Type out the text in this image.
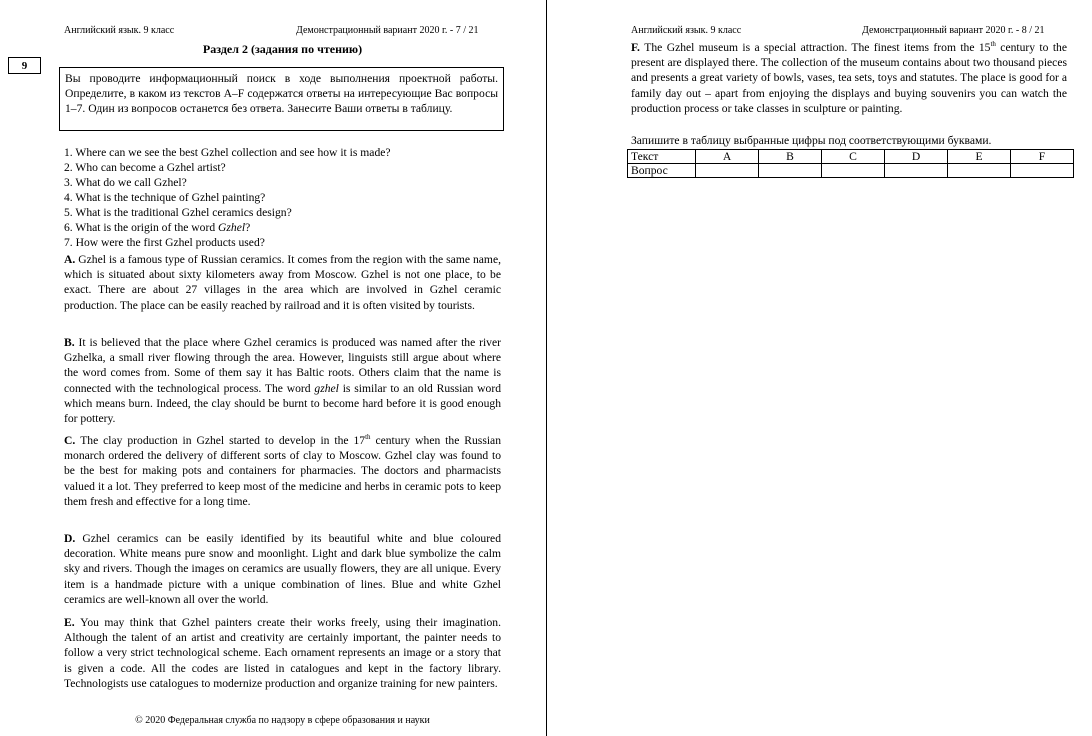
Английский язык. 9 класс	Демонстрационный вариант 2020 г. - 7 / 21
Раздел 2 (задания по чтению)
9
Вы проводите информационный поиск в ходе выполнения проектной работы. Определите, в каком из текстов A–F содержатся ответы на интересующие Вас вопросы 1–7. Один из вопросов останется без ответа. Занесите Ваши ответы в таблицу.
1. Where can we see the best Gzhel collection and see how it is made?
2. Who can become a Gzhel artist?
3. What do we call Gzhel?
4. What is the technique of Gzhel painting?
5. What is the traditional Gzhel ceramics design?
6. What is the origin of the word Gzhel?
7. How were the first Gzhel products used?
A. Gzhel is a famous type of Russian ceramics. It comes from the region with the same name, which is situated about sixty kilometers away from Moscow. Gzhel is not one place, to be exact. There are about 27 villages in the area which are involved in Gzhel ceramic production. The place can be easily reached by railroad and it is often visited by tourists.
B. It is believed that the place where Gzhel ceramics is produced was named after the river Gzhelka, a small river flowing through the area. However, linguists still argue about where the word comes from. Some of them say it has Baltic roots. Others claim that the name is connected with the technological process. The word gzhel is similar to an old Russian word which means burn. Indeed, the clay should be burnt to become hard before it is good enough for pottery.
C. The clay production in Gzhel started to develop in the 17th century when the Russian monarch ordered the delivery of different sorts of clay to Moscow. Gzhel clay was found to be the best for making pots and containers for pharmacies. The doctors and pharmacists valued it a lot. They preferred to keep most of the medicine and herbs in ceramic pots to keep them fresh and effective for a long time.
D. Gzhel ceramics can be easily identified by its beautiful white and blue coloured decoration. White means pure snow and moonlight. Light and dark blue symbolize the calm sky and rivers. Though the images on ceramics are usually flowers, they are all unique. Every item is a handmade picture with a unique combination of lines. Blue and white Gzhel ceramics are well-known all over the world.
E. You may think that Gzhel painters create their works freely, using their imagination. Although the talent of an artist and creativity are certainly important, the painter needs to follow a very strict technological scheme. Each ornament represents an image or a story that is given a code. All the codes are listed in catalogues and kept in the factory library. Technologists use catalogues to modernize production and organize training for new painters.
© 2020 Федеральная служба по надзору в сфере образования и науки
Английский язык. 9 класс	Демонстрационный вариант 2020 г. - 8 / 21
F. The Gzhel museum is a special attraction. The finest items from the 15th century to the present are displayed there. The collection of the museum contains about two thousand pieces and presents a great variety of bowls, vases, tea sets, toys and statutes. The place is good for a family day out – apart from enjoying the displays and buying souvenirs you can watch the production process or take classes in sculpture or painting.
Запишите в таблицу выбранные цифры под соответствующими буквами.
Текст	A	B	C	D	E	F
Вопрос						
